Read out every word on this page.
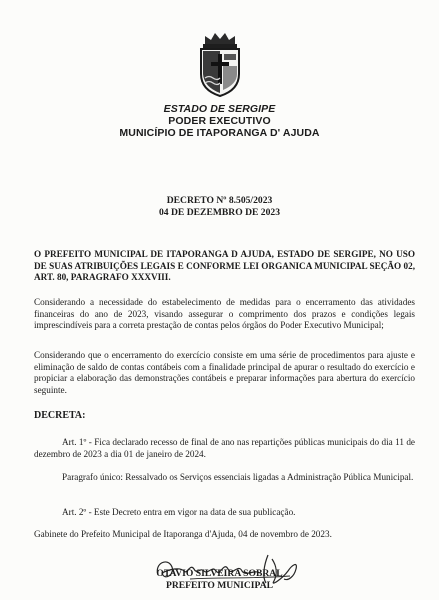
ESTADO DE SERGIPE
PODER EXECUTIVO
MUNICÍPIO DE ITAPORANGA D' AJUDA
DECRETO Nº 8.505/2023
04 DE DEZEMBRO DE 2023
O PREFEITO MUNICIPAL DE ITAPORANGA D AJUDA, ESTADO DE SERGIPE, NO USO DE SUAS ATRIBUIÇÕES LEGAIS E CONFORME LEI ORGANICA MUNICIPAL SEÇÃO 02, ART. 80, PARAGRAFO XXXVIII.
Considerando a necessidade do estabelecimento de medidas para o encerramento das atividades financeiras do ano de 2023, visando assegurar o comprimento dos prazos e condições legais imprescindíveis para a correta prestação de contas pelos órgãos do Poder Executivo Municipal;
Considerando que o encerramento do exercício consiste em uma série de procedimentos para ajuste e eliminação de saldo de contas contábeis com a finalidade principal de apurar o resultado do exercício e propiciar a elaboração das demonstrações contábeis e preparar informações para abertura do exercício seguinte.
DECRETA:
Art. 1º - Fica declarado recesso de final de ano nas repartições públicas municipais do dia 11 de dezembro de 2023 a dia 01 de janeiro de 2024.
Paragrafo único: Ressalvado os Serviços essenciais ligadas a Administração Pública Municipal.
Art. 2º - Este Decreto entra em vigor na data de sua publicação.
Gabinete do Prefeito Municipal de Itaporanga d'Ajuda, 04 de novembro de 2023.
OTAVIO SILVEIRA SOBRAL
PREFEITO MUNICIPAL
